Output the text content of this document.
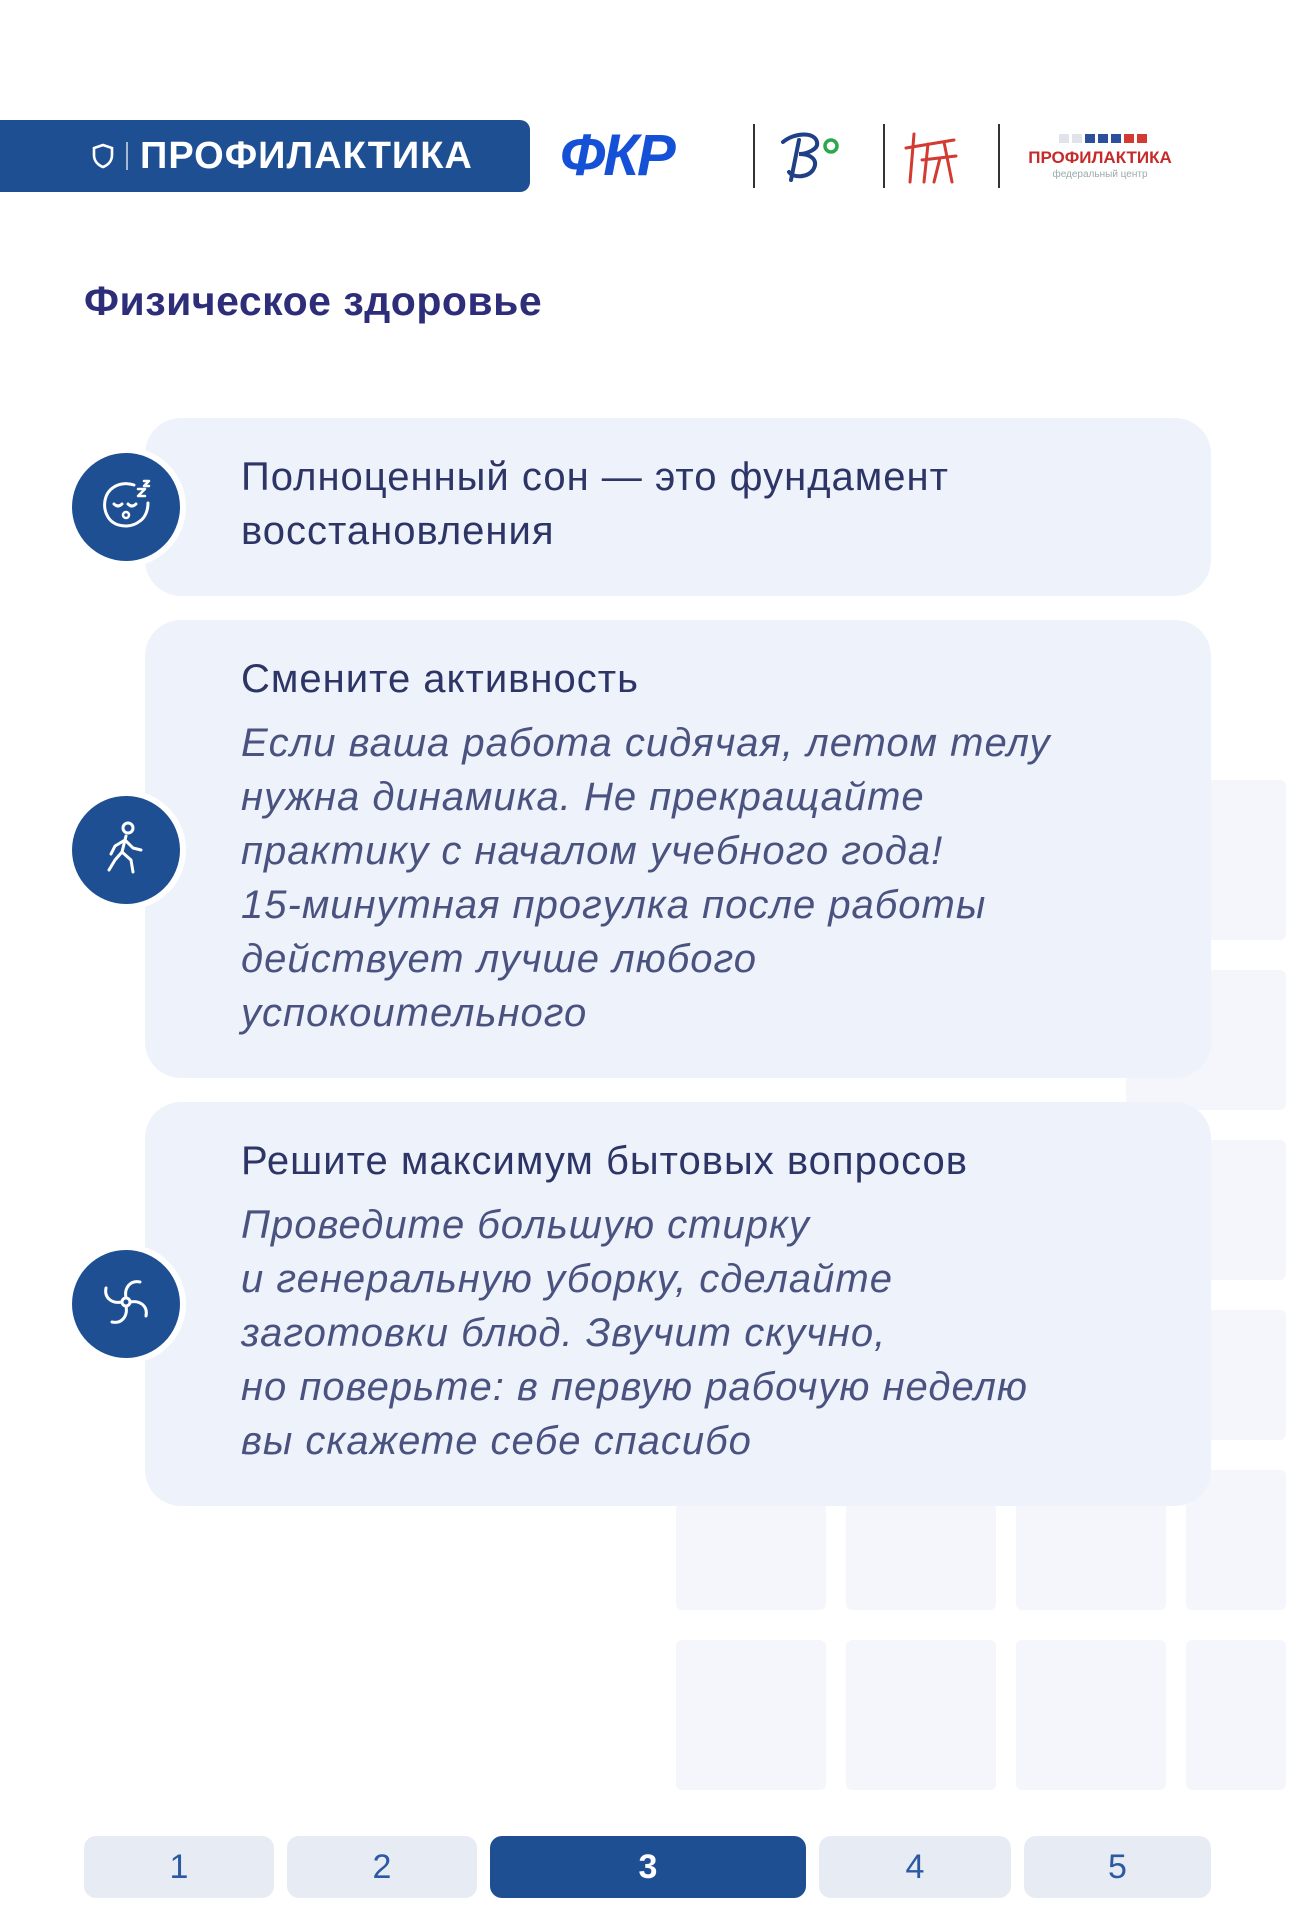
ПРОФИЛАКТИКА ФКР	ПРОФИЛАКТИКА
федеральный центр
Физическое здоровье
Полноценный сон — это фундамент
восстановления
Смените активность
Если ваша работа сидячая, летом телу
нужна динамика. Не прекращайте
практику с началом учебного года!
15-минутная прогулка после работы
действует лучше любого
успокоительного
Решите максимум бытовых вопросов
Проведите большую стирку
и генеральную уборку, сделайте
заготовки блюд. Звучит скучно,
но поверьте: в первую рабочую неделю
вы скажете себе спасибо
1	2	3	4	5
